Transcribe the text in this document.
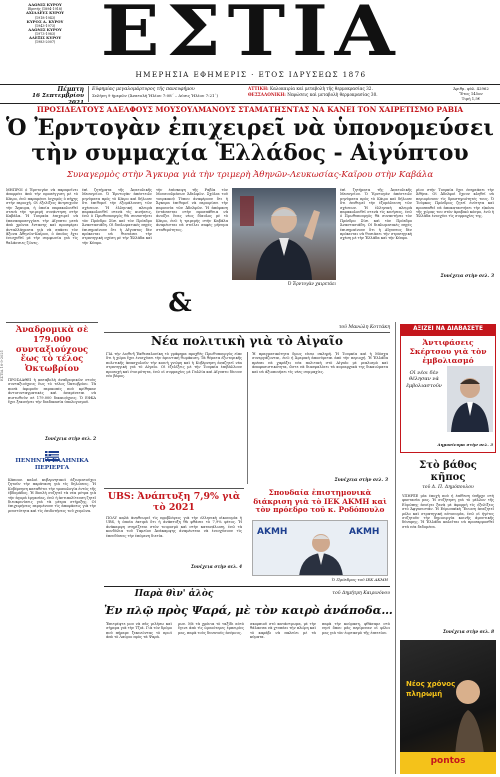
ΑΔΩΝΙΣ ΚΥΡΟΥ
Ιδρυτής (1894-1918)
ΑΧΙΛΛΕΥΣ ΚΥΡΟΥ
(1918-1943)
ΚΥΡΟΣ Α. ΚΥΡΟΥ
(1943-1973)
ΑΔΩΝΙΣ ΚΥΡΟΥ
(1973-1983)
ΑΛΕΞΙΣ ΚΥΡΟΥ
(1983-2007) ΕΣΤΙΑ
ΗΜΕΡΗΣΙΑ ΕΦΗΜΕΡΙΣ · ΕΤΟΣ ΙΔΡΥΣΕΩΣ 1876
Πέμπτη
16 Σεπτεμβρίου 2021
Εὐφημίας μεγαλομάρτυρος τῆς πανευφήμου
Σελήνη 9 ἡμερῶν (Ἀνατολὴ Ἡλίου 7:08΄ – Δύσις Ἡλίου 7:21΄)
ΑΤΤΙΚΗ: Καλοκαιρία καὶ μεταβολὴ τῆς θερμοκρασίας 32.
ΘΕΣΣΑΛΟΝΙΚΗ: Νεφώσεις καὶ μεταβολὴ θερμοκρασίας 30.
Ἀριθμ. φύλ. 42962
Ἔτος 145ον
Τιμὴ 1,5€
ΠΡΟΣΙΔΕΛΤΟΥΣ ΑΔΕΛΦΟΥΣ ΜΟΥΣΟΥΛΜΑΝΟΥΣ ΣΤΑΜΑΤΗΣΝΤΑΣ ΝΑ ΚΑΝΕΙ ΤΟΝ ΧΑΙΡΕΤΙΣΜΟ ΡΑΒΙΑ
Ὁ Ἐρντογὰν ἐπιχειρεῖ νὰ ὑπονομεύσει
τὴν συμμαχία Ἑλλάδος - Αἰγύπτου
Συναγερμὸς στὴν Ἄγκυρα γιὰ τὴν τριμερὴ Ἀθηνῶν-Λευκωσίας-Καΐρου στὴν Καβάλα
ΜΗΠΡΟΙ ὁ Ἐρντογὰν νὰ παραμεῖνει ἀπορρέει ἀπὸ τὴν προσέγγιση μὲ τὸ Κάιρο, ἐνῶ παραμένει ἰσχυρὸς ὁ πήχης στὴν περιοχή. Οἱ ἐξελίξεις ἀνησυχοῦν τὴν Ἄγκυρα, ἡ ὁποία παρακολουθεῖ στενὰ τὴν τριμερὴ συνάντηση στὴν Καβάλα. Ἡ Τουρκία ἐπιχειρεῖ νὰ ἐπαναπροσεγγίσει τὴν Αἴγυπτο μετὰ ἀπὸ χρόνια ἔντασης καὶ προσφέρει ἀνταλλάγματα γιὰ νὰ σπάσει τὸν ἄξονα Ἀθηνῶν-Καΐρου, ὁ ὁποῖος ἔχει ἐνισχυθεῖ μὲ τὴν συμφωνία γιὰ τὶς θαλάσσιες ζῶνες.
ἐπὶ ζητήματα τῆς Ἀνατολικῆς Μεσογείου. Ὁ Ἐρντογὰν ἀπέστειλε μηνύματα πρὸς τὸ Κάιρο καὶ δήλωσε ὅτι ἐπιθυμεῖ τὴν ἐξομάλυνση τῶν σχέσεων. Ἡ ἐλληνικὴ πλευρὰ παρακολουθεῖ στενὰ τὶς κινήσεις, ἐνῶ ὁ Πρωθυπουργὸς θὰ συναντήσει τὸν Πρόεδρο Σίσι καὶ τὸν Πρόεδρο Ἀναστασιάδη. Οἱ διπλωματικὲς πηγὲς ἐπισημαίνουν ὅτι ἡ Αἴγυπτος δὲν πρόκειται νὰ θυσιάσει τὴν στρατηγικὴ σχέση μὲ τὴν Ἑλλάδα καὶ τὴν Κύπρο.
τὴν ἐπίσκεψη τῆς Ραβία τὸν Μουσουλμάνων Ἀδελφῶν. Σχόλια τοῦ τουρκικοῦ Τύπου ἀναφέρουν ὅτι ἡ Ἄγκυρα ἐπιθυμεῖ νὰ περιορίσει τὴν παρουσία τῶν Ἀδελφῶν. Ἡ ἀπόφαση ἐντάσσεται στὴν προσπάθεια νὰ ἀνοίξει ἕνας νέος δίαυλος μὲ τὸ Κάιρο, ἐνῶ ἡ τριμερὴς στὴν Καβάλα ἀναμένεται νὰ στείλει σαφὲς μήνυμα σταθερότητος.
Ὁ Ἐρντογὰν χαιρετάει
ἐπὶ ζητήματα τῆς Ἀνατολικῆς Μεσογείου. Ὁ Ἐρντογὰν ἀπέστειλε μηνύματα πρὸς τὸ Κάιρο καὶ δήλωσε ὅτι ἐπιθυμεῖ τὴν ἐξομάλυνση τῶν σχέσεων. Ἡ ἐλληνικὴ πλευρὰ παρακολουθεῖ στενὰ τὶς κινήσεις, ἐνῶ ὁ Πρωθυπουργὸς θὰ συναντήσει τὸν Πρόεδρο Σίσι καὶ τὸν Πρόεδρο Ἀναστασιάδη. Οἱ διπλωματικὲς πηγὲς ἐπισημαίνουν ὅτι ἡ Αἴγυπτος δὲν πρόκειται νὰ θυσιάσει τὴν στρατηγικὴ σχέση μὲ τὴν Ἑλλάδα καὶ τὴν Κύπρο.
ρίου στὴν Τουρκία ἔχει ἐπηρεάσει τὴν Ἀθήνα. Οἱ Ἀδελφοὶ ἔχουν κληθεῖ νὰ περιορίσουν τὶς δραστηριότητές τους. Ὁ Τούρκος Πρόεδρος ζητεῖ ἐνότητα καὶ προσπαθεῖ νὰ ἀποκαταστήσει τὴν εἰκόνα τῆς χώρας του στὸν ἀραβικὸ κόσμο, ἐνῶ ἡ Ἑλλάδα ἐνισχύει τὶς συμμαχίες της.
Συνέχεια στὴν σελ. 3
&
ΕΣΤΙΑ 16-9-2021
Ἀναδρομικὰ σὲ 179.000 συνταξιούχους ἕως τὸ τέλος Ὀκτωβρίου
ΠΡΟΣΔΑΘΕΙ ἡ καταβολὴ ἀναδρομικῶν στοὺς συνταξιούχους ἕως τὸ τέλος Ὀκτωβρίου. Τὰ ποσὰ ἀφοροῦν περικοπὲς ποὺ κρίθηκαν ἀντισυνταγματικὲς καὶ ἀναμένεται νὰ πιστωθοῦν σὲ 179.000 δικαιούχους. Ὁ ΕΦΚΑ ἔχει ξεκινήσει τὴν διαδικασία ὑπολογισμοῦ.
Συνέχεια στὴν σελ. 2
ΠΕΝΗΝΤΑ ΕΛΛΗΝΙΚΑ ΠΕΡΙΕΡΓΑ
Κάποιοι καλοὶ κυβερνητικοὶ ἀξιωματοῦχοι ζητοῦν τὴν παράταση γιὰ τὶς δηλώσεις. Ἡ Κυβέρνηση καταθέτει τὴν τροπολογία ἐντὸς τῆς ἑβδομάδος. Ἡ Βουλὴ συζητεῖ τὰ νέα μέτρα γιὰ τὴν ἀγορὰ ἐργασίας, ἐνῶ ἡ ἀντιπολίτευση ζητεῖ διευκρινίσεις γιὰ τὰ μέτρα στήριξης. Οἱ ἐπιχειρήσεις περιμένουν τὶς ἀποφάσεις γιὰ τὴν ρευστότητα καὶ τὶς ἐπιδοτήσεις τοῦ χειμῶνα.
τοῦ Μανώλη Κοττάκη
Νέα πολιτικὴ γιὰ τὸ Αἰγαῖο
ΓΙΑ τὴν Διεθνῆ Ἐκθεσαλονίκη τὸ γράφημα προχθὲς Πρωθυπουργὸς εἶπε ὅτι ἡ χώρα ἔχει ἐνισχύσει τὴν ἀμυντικὴ θωράκιση. Τὰ θέματα ἐξωτερικῆς πολιτικῆς ἀπασχολοῦν τὴν κοινὴ γνώμη καὶ ἡ Κυβέρνηση ἀναζητεῖ νέα στρατηγικὴ γιὰ τὸ Αἰγαῖο. Οἱ ἐξελίξεις μὲ τὴν Τουρκία ἐπιβάλλουν προσοχὴ καὶ ἑτοιμότητα, ἐνῶ οἱ συμμαχίες μὲ Γαλλία καὶ Αἴγυπτο δίνουν νέο βάρος.
Ἡ πραγματικότητα ὅμως εἶναι σκληρή. Ἡ Τουρκία καὶ ἡ Μόσχα συνεργάζονται, ἐνῶ ἡ Ἀμερικὴ ἀποσύρεται ἀπὸ τὴν περιοχή. Ἡ Ἑλλάδα πρέπει νὰ χαράξει νέα πολιτικὴ στὸ Αἰγαῖο μὲ ρεαλισμὸ καὶ ἀποφασιστικότητα, ὥστε νὰ διασφαλίσει τὰ κυριαρχικά της δικαιώματα καὶ νὰ ἀξιοποιήσει τὶς νέες συμμαχίες.
Συνέχεια στὴν σελ. 3
UBS: Ἀνάπτυξη 7,9% γιὰ τὸ 2021
ΠΟΛΥ καλὰ ἀναθεωρεῖ τὶς προβλέψεις γιὰ τὴν ἑλληνικὴ οἰκονομία ἡ UBS, ἡ ὁποία ἐκτιμᾶ ὅτι ἡ ἀνάπτυξη θὰ φθάσει τὸ 7,9% φέτος. Ἡ ἀνάκαμψη στηρίζεται στὸν τουρισμὸ καὶ στὴν κατανάλωση, ἐνῶ τὰ κονδύλια τοῦ Ταμείου Ἀνάκαμψης ἀναμένεται νὰ ἐνισχύσουν τὶς ἐπενδύσεις τὴν ἑπόμενη διετία.
Συνέχεια στὴν σελ. 4
Σπουδαία ἐπιστημονικὰ διάκριση γιὰ τὸ ΙΕΚ ΑΚΜΗ καὶ τὸν πρόεδρο τοῦ κ. Ροδόπουλο
ΑΚΜΗ	ΑΚΜΗ
Ὁ Πρόεδρος τοῦ ΙΕΚ ΑΚΜΗ
Παρὰ θὶν' ἁλὸς	τοῦ Δημήτρη Καιρινόνου
Ἐν πλῷ πρὸς Ψαρά, μὲ τὸν καιρὸ ἀνάποδα…
Ἐπιτρέψτε μου νὰ σᾶς μιλήσω καὶ σήμερα γιὰ τὴν Τζιά. Γιὰ τὸν δρόμο ποὺ πήραμε ξεκινώντας τὸ πρωὶ ἀπὸ τὸ Λαύριο πρὸς τὰ Ψαρά.
ρων. Μὲ τὰ χρόνια τὸ ταξίδι αὐτὸ ἔγινε ἀπὸ τὶς ὡραιότερες ἐμπειρίες μας, παρὰ τοὺς δυνατοὺς ἀνέμους.
σκορπιοῦ στὸ κατάστρωμα, μὲ τὴν θάλασσα νὰ χτυπάει τὴν πλώρη καὶ τὸ καράβι νὰ παλεύει μὲ τὰ κύματα.
παρὰ τὴν κούραση, φθάσαμε στὸ νησὶ ὅπου μᾶς περίμεναν οἱ φίλοι μας γιὰ τὸν ἑορτασμὸ τῆς ἐπετείου.
ΑΞΙΖΕΙ ΝΑ ΔΙΑΒΑΣΕΤΕ
Ἀντιφάσεις Σκέρτσου γιὰ τὸν ἐμβολιασμό
Οἱ νέοι δὲν θέλησαν νὰ ἐμβολιαστοῦν
Δημοσίευμα στὴν σελ. 3
Στὸ βάθος κῆπος
τοῦ Δ. Π. Δημόπουλου
ΥΠΗΡΞΕ μία ἐποχὴ ποὺ ἡ ἐπίθεση ὑπῆρχε στὴ φαντασία μας. Ἡ συζήτηση γιὰ τὸ μέλλον τῆς Εὐρώπης ἀνοίγει ξανὰ μὲ ἀφορμὴ τὶς ἐξελίξεις στὸ Ἀφγανιστάν. Ἡ Εὐρωπαϊκὴ Ἕνωση ἀναζητεῖ ρόλο καὶ στρατηγικὴ αὐτονομία, ἐνῶ οἱ ἡγέτες συζητοῦν τὴν δημιουργία κοινῆς ἀμυντικῆς δύναμης. Ἡ Ἑλλάδα καλεῖται νὰ προσαρμοσθεῖ στὰ νέα δεδομένα.
Συνέχεια στὴν σελ. 8
Νέος χρόνος
πληρωμή
pontos
